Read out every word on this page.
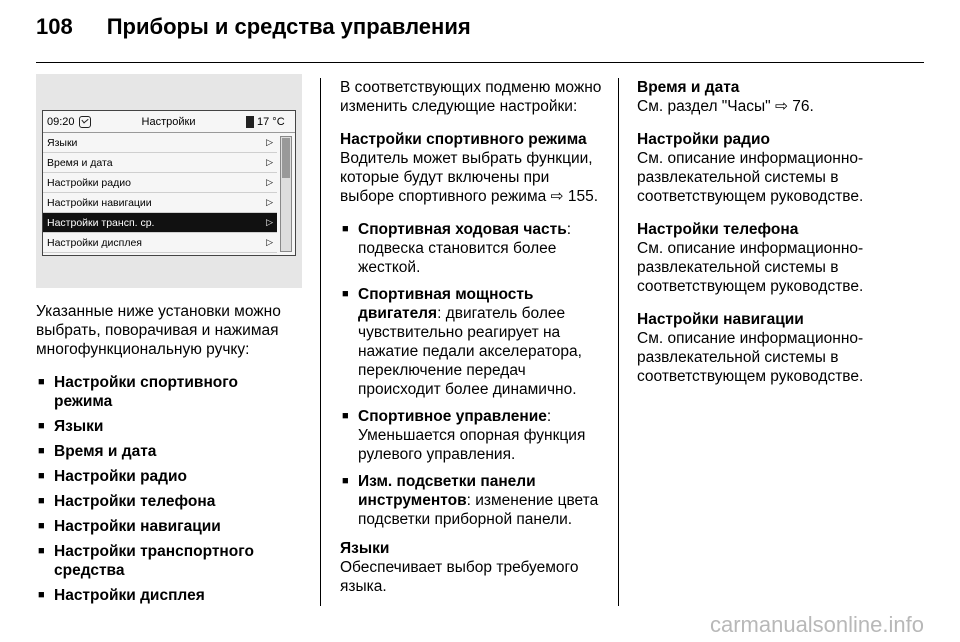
108 Приборы и средства управления
09:20	Настройки	17 °C
Языки	▷
Время и дата	▷
Настройки радио	▷
Настройки навигации	▷
Настройки трансп. ср.	▷
Настройки дисплея	▷

Указанные ниже установки можно выбрать, поворачивая и нажимая многофункциональную ручку:

■ Настройки спортивного режима
■ Языки
■ Время и дата
■ Настройки радио
■ Настройки телефона
■ Настройки навигации
■ Настройки транспортного средства
■ Настройки дисплея

В соответствующих подменю можно изменить следующие настройки:

Настройки спортивного режима

Водитель может выбрать функции, которые будут включены при выборе спортивного режима ⇨ 155.

■ Спортивная ходовая часть: подвеска становится более жесткой.
■ Спортивная мощность двигателя: двигатель более чувствительно реагирует на нажатие педали акселератора, переключение передач происходит более динамично.
■ Спортивное управление: Уменьшается опорная функция рулевого управления.
■ Изм. подсветки панели инструментов: изменение цвета подсветки приборной панели.
Языки

Обеспечивает выбор требуемого языка.

Время и дата

См. раздел "Часы" ⇨ 76.

Настройки радио

См. описание информационно-развлекательной системы в соответствующем руководстве.

Настройки телефона

См. описание информационно-развлекательной системы в соответствующем руководстве.

Настройки навигации

См. описание информационно-развлекательной системы в соответствующем руководстве.

carmanualsonline.info
